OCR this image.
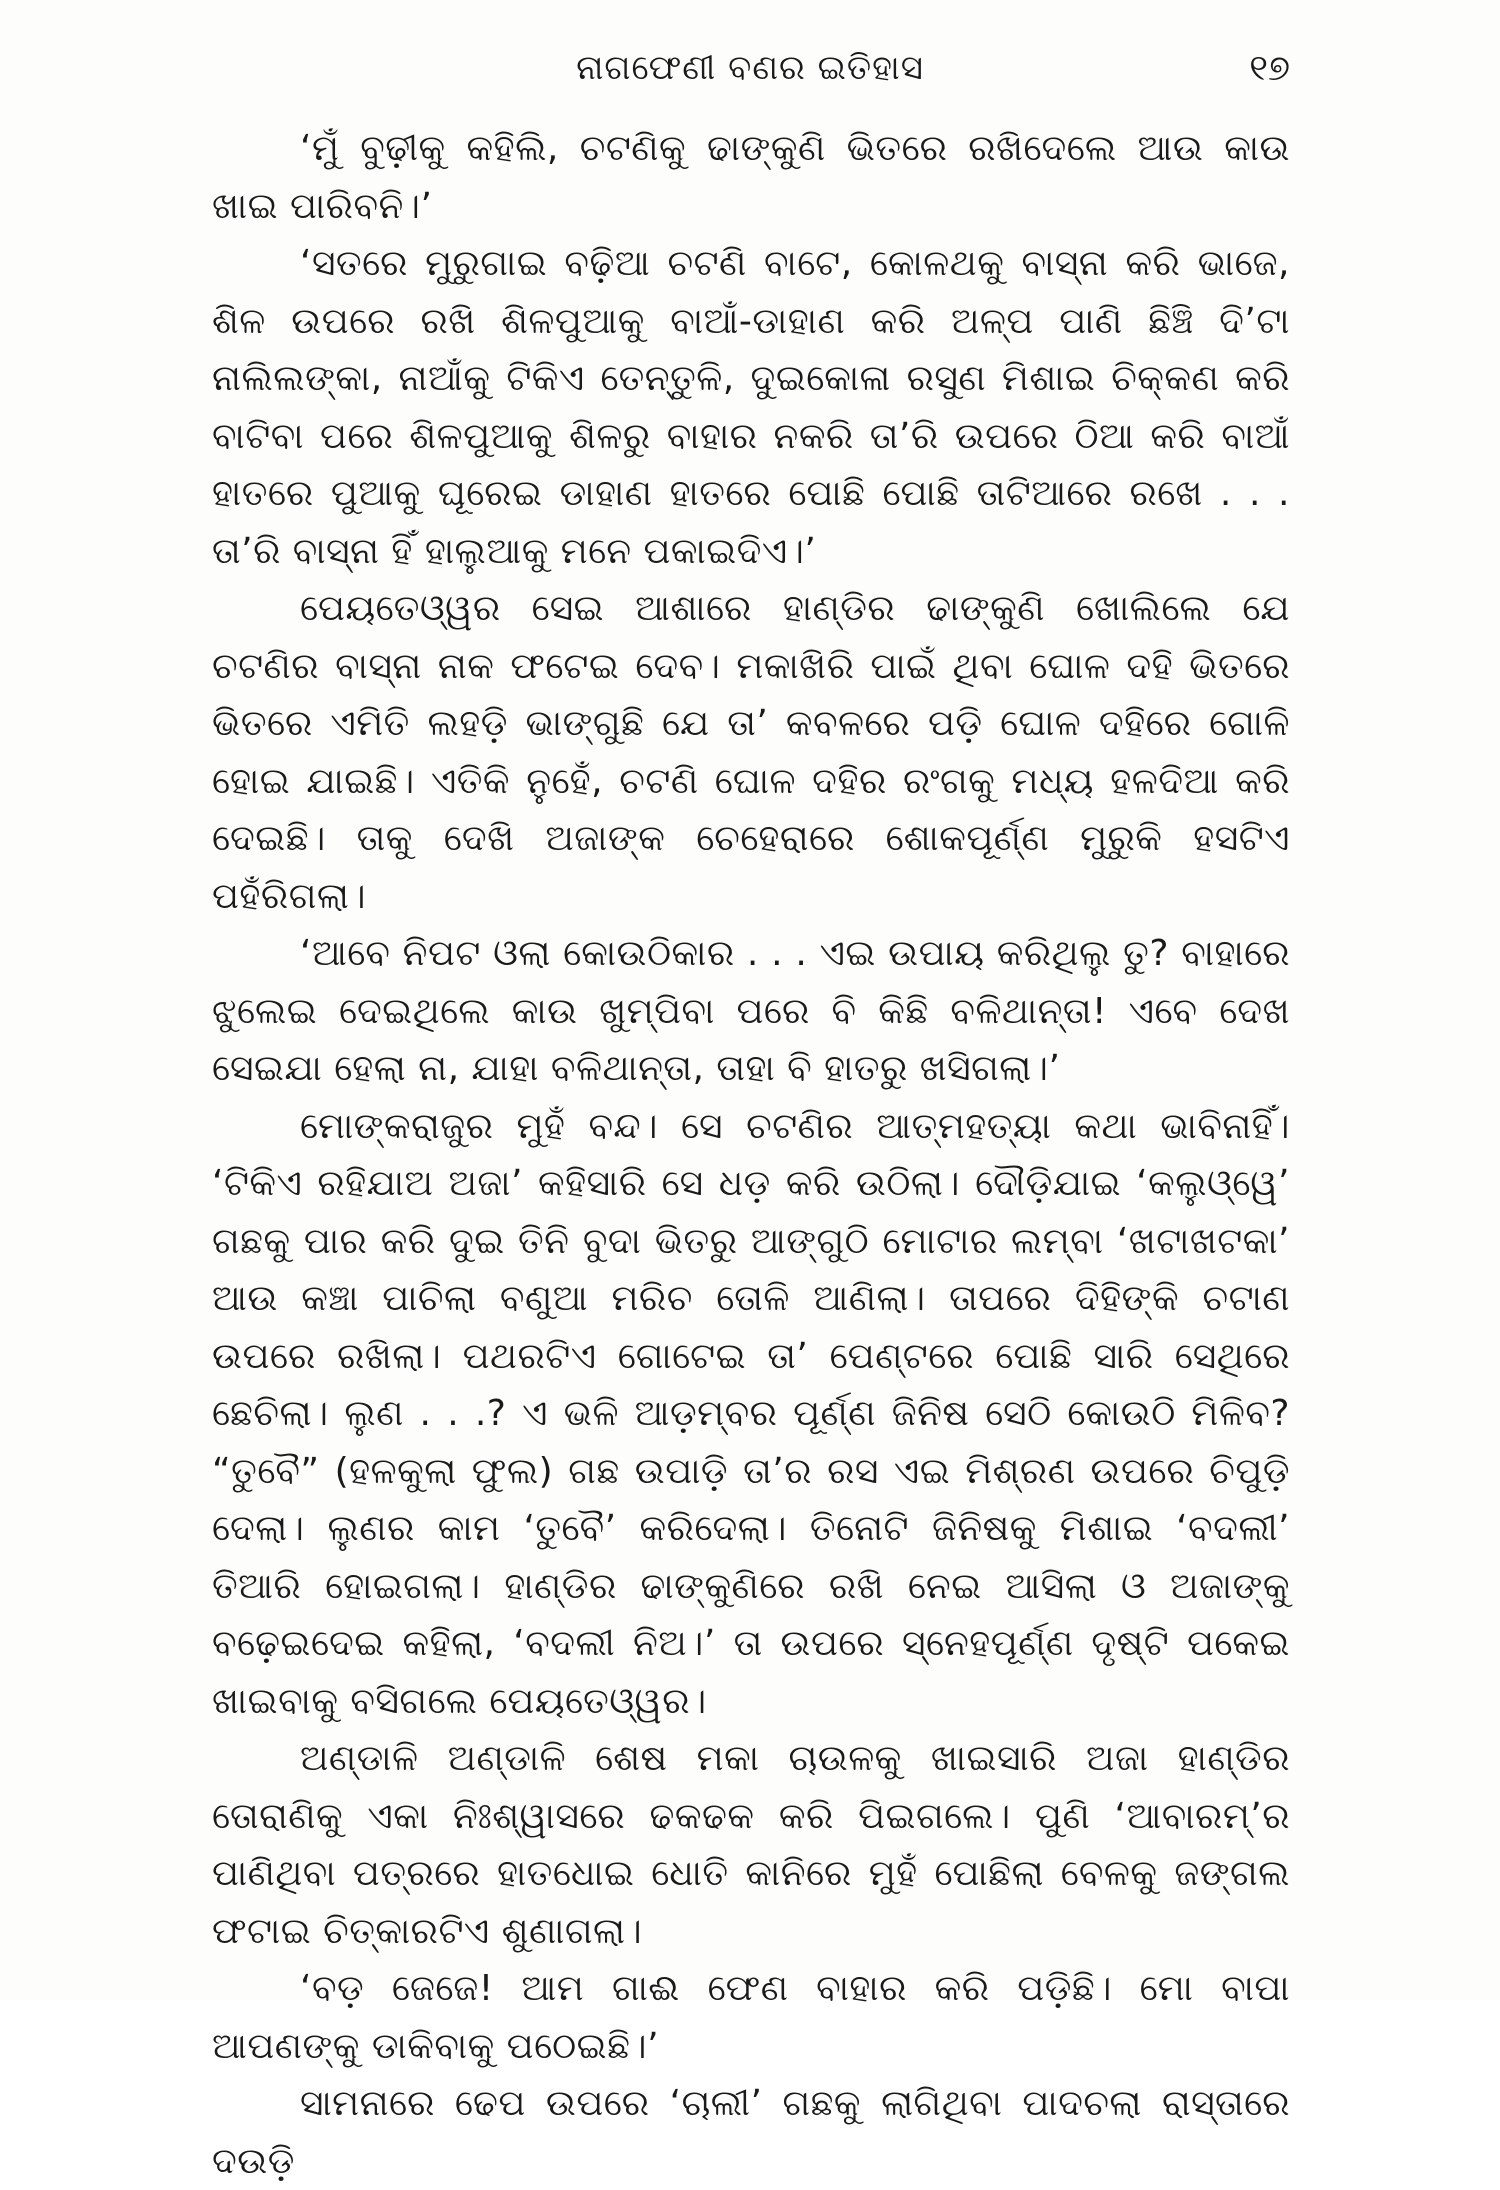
ନାଗଫେଣୀ ବଣର ଇତିହାସ	୧୭

‘ମୁଁ ବୁଢ଼ୀକୁ କହିଲି, ଚଟଣିକୁ ଢାଙ୍କୁଣି ଭିତରେ ରଖିଦେଲେ ଆଉ କାଉ ଖାଇ ପାରିବନି।’

‘ସତରେ ମୁରୁଗାଇ ବଢ଼ିଆ ଚଟଣି ବାଟେ, କୋଳଥକୁ ବାସ୍ନା କରି ଭାଜେ, ଶିଳ ଉପରେ ରଖି ଶିଳପୁଆକୁ ବାଆଁ-ଡାହାଣ କରି ଅଳ୍ପ ପାଣି ଛିଞ୍ଚି ଦି’ଟା ନାଲିଲଙ୍କା, ନାଆଁକୁ ଟିକିଏ ତେନ୍ତୁଳି, ଦୁଇକୋଳା ରସୁଣ ମିଶାଇ ଚିକ୍କଣ କରି ବାଟିବା ପରେ ଶିଳପୁଆକୁ ଶିଳରୁ ବାହାର ନକରି ତା’ରି ଉପରେ ଠିଆ କରି ବାଆଁ ହାତରେ ପୁଆକୁ ଘୂରେଇ ଡାହାଣ ହାତରେ ପୋଛି ପୋଛି ତାଟିଆରେ ରଖେ . . . ତା’ରି ବାସ୍ନା ହିଁ ହାଲୁଆକୁ ମନେ ପକାଇଦିଏ।’

ପେୟତେଓ୍ୱର ସେଇ ଆଶାରେ ହାଣ୍ଡିର ଢାଙ୍କୁଣି ଖୋଲିଲେ ଯେ ଚଟଣିର ବାସ୍ନା ନାକ ଫଟେଇ ଦେବ। ମକାଖିରି ପାଇଁ ଥିବା ଘୋଳ ଦହି ଭିତରେ ଭିତରେ ଏମିତି ଲହଡ଼ି ଭାଙ୍ଗୁଛି ଯେ ତା’ କବଳରେ ପଡ଼ି ଘୋଳ ଦହିରେ ଗୋଳି ହୋଇ ଯାଇଛି। ଏତିକି ନୁହେଁ, ଚଟଣି ଘୋଳ ଦହିର ରଂଗକୁ ମଧ୍ୟ ହଳଦିଆ କରି ଦେଇଛି। ତାକୁ ଦେଖି ଅଜାଙ୍କ ଚେହେରାରେ ଶୋକପୂର୍ଣ୍ଣ ମୁରୁକି ହସଟିଏ ପହଁରିଗଲା।

‘ଆବେ ନିପଟ ଓଲା କୋଉଠିକାର . . . ଏଇ ଉପାୟ କରିଥିଲୁ ତୁ? ବାହାରେ ଝୁଲେଇ ଦେଇଥିଲେ କାଉ ଖୁମ୍ପିବା ପରେ ବି କିଛି ବଳିଥାନ୍ତା! ଏବେ ଦେଖ ସେଇଯା ହେଲା ନା, ଯାହା ବଳିଥାନ୍ତା, ତାହା ବି ହାତରୁ ଖସିଗଲା।’

ମୋଙ୍କରାଜୁର ମୁହଁ ବନ୍ଦ। ସେ ଚଟଣିର ଆତ୍ମହତ୍ୟା କଥା ଭାବିନାହିଁ। ‘ଟିକିଏ ରହିଯାଅ ଅଜା’ କହିସାରି ସେ ଧଡ଼ କରି ଉଠିଲା। ଦୌଡ଼ିଯାଇ ‘କଲୁଓ୍ୱେ’ ଗଛକୁ ପାର କରି ଦୁଇ ତିନି ବୁଦା ଭିତରୁ ଆଙ୍ଗୁଠି ମୋଟାର ଲମ୍ବା ‘ଖଟାଖଟକା’ ଆଉ କଞ୍ଚା ପାଚିଲା ବଣୁଆ ମରିଚ ତୋଳି ଆଣିଲା। ତାପରେ ଦିହିଙ୍କି ଚଟାଣ ଉପରେ ରଖିଲା। ପଥରଟିଏ ଗୋଟେଇ ତା’ ପେଣ୍ଟରେ ପୋଛି ସାରି ସେଥିରେ ଛେଚିଲା। ଲୁଣ . . .? ଏ ଭଳି ଆଡ଼ମ୍ବର ପୂର୍ଣ୍ଣ ଜିନିଷ ସେଠି କୋଉଠି ମିଳିବ? “ତୁବୈ” (ହଳକୁଲା ଫୁଲ) ଗଛ ଉପାଡ଼ି ତା’ର ରସ ଏଇ ମିଶ୍ରଣ ଉପରେ ଚିପୁଡ଼ି ଦେଲା। ଲୁଣର କାମ ‘ତୁବୈ’ କରିଦେଲା। ତିନୋଟି ଜିନିଷକୁ ମିଶାଇ ‘ବଦଲୀ’ ତିଆରି ହୋଇଗଲା। ହାଣ୍ଡିର ଢାଙ୍କୁଣିରେ ରଖି ନେଇ ଆସିଲା ଓ ଅଜାଙ୍କୁ ବଢ଼େଇଦେଇ କହିଲା, ‘ବଦଲୀ ନିଅ।’ ତା ଉପରେ ସ୍ନେହପୂର୍ଣ୍ଣ ଦୃଷ୍ଟି ପକେଇ ଖାଇବାକୁ ବସିଗଲେ ପେୟତେଓ୍ୱର।

ଅଣ୍ଡାଳି ଅଣ୍ଡାଳି ଶେଷ ମକା ଚାଉଳକୁ ଖାଇସାରି ଅଜା ହାଣ୍ଡିର ତୋରାଣିକୁ ଏକା ନିଃଶ୍ୱାସରେ ଢକଢକ କରି ପିଇଗଲେ। ପୁଣି ‘ଆବାରମ୍’ର ପାଣିଥିବା ପତ୍ରରେ ହାତଧୋଇ ଧୋତି କାନିରେ ମୁହଁ ପୋଛିଲା ବେଳକୁ ଜଙ୍ଗଲ ଫଟାଇ ଚିତ୍କାରଟିଏ ଶୁଣାଗଲା।

‘ବଡ଼ ଜେଜେ! ଆମ ଗାଈ ଫେଣ ବାହାର କରି ପଡ଼ିଛି। ମୋ ବାପା ଆପଣଙ୍କୁ ଡାକିବାକୁ ପଠେଇଛି।’

ସାମନାରେ ଢେପ ଉପରେ ‘ଚାଲୀ’ ଗଛକୁ ଲାଗିଥିବା ପାଦଚଲା ରାସ୍ତାରେ ଦଉଡ଼ି
